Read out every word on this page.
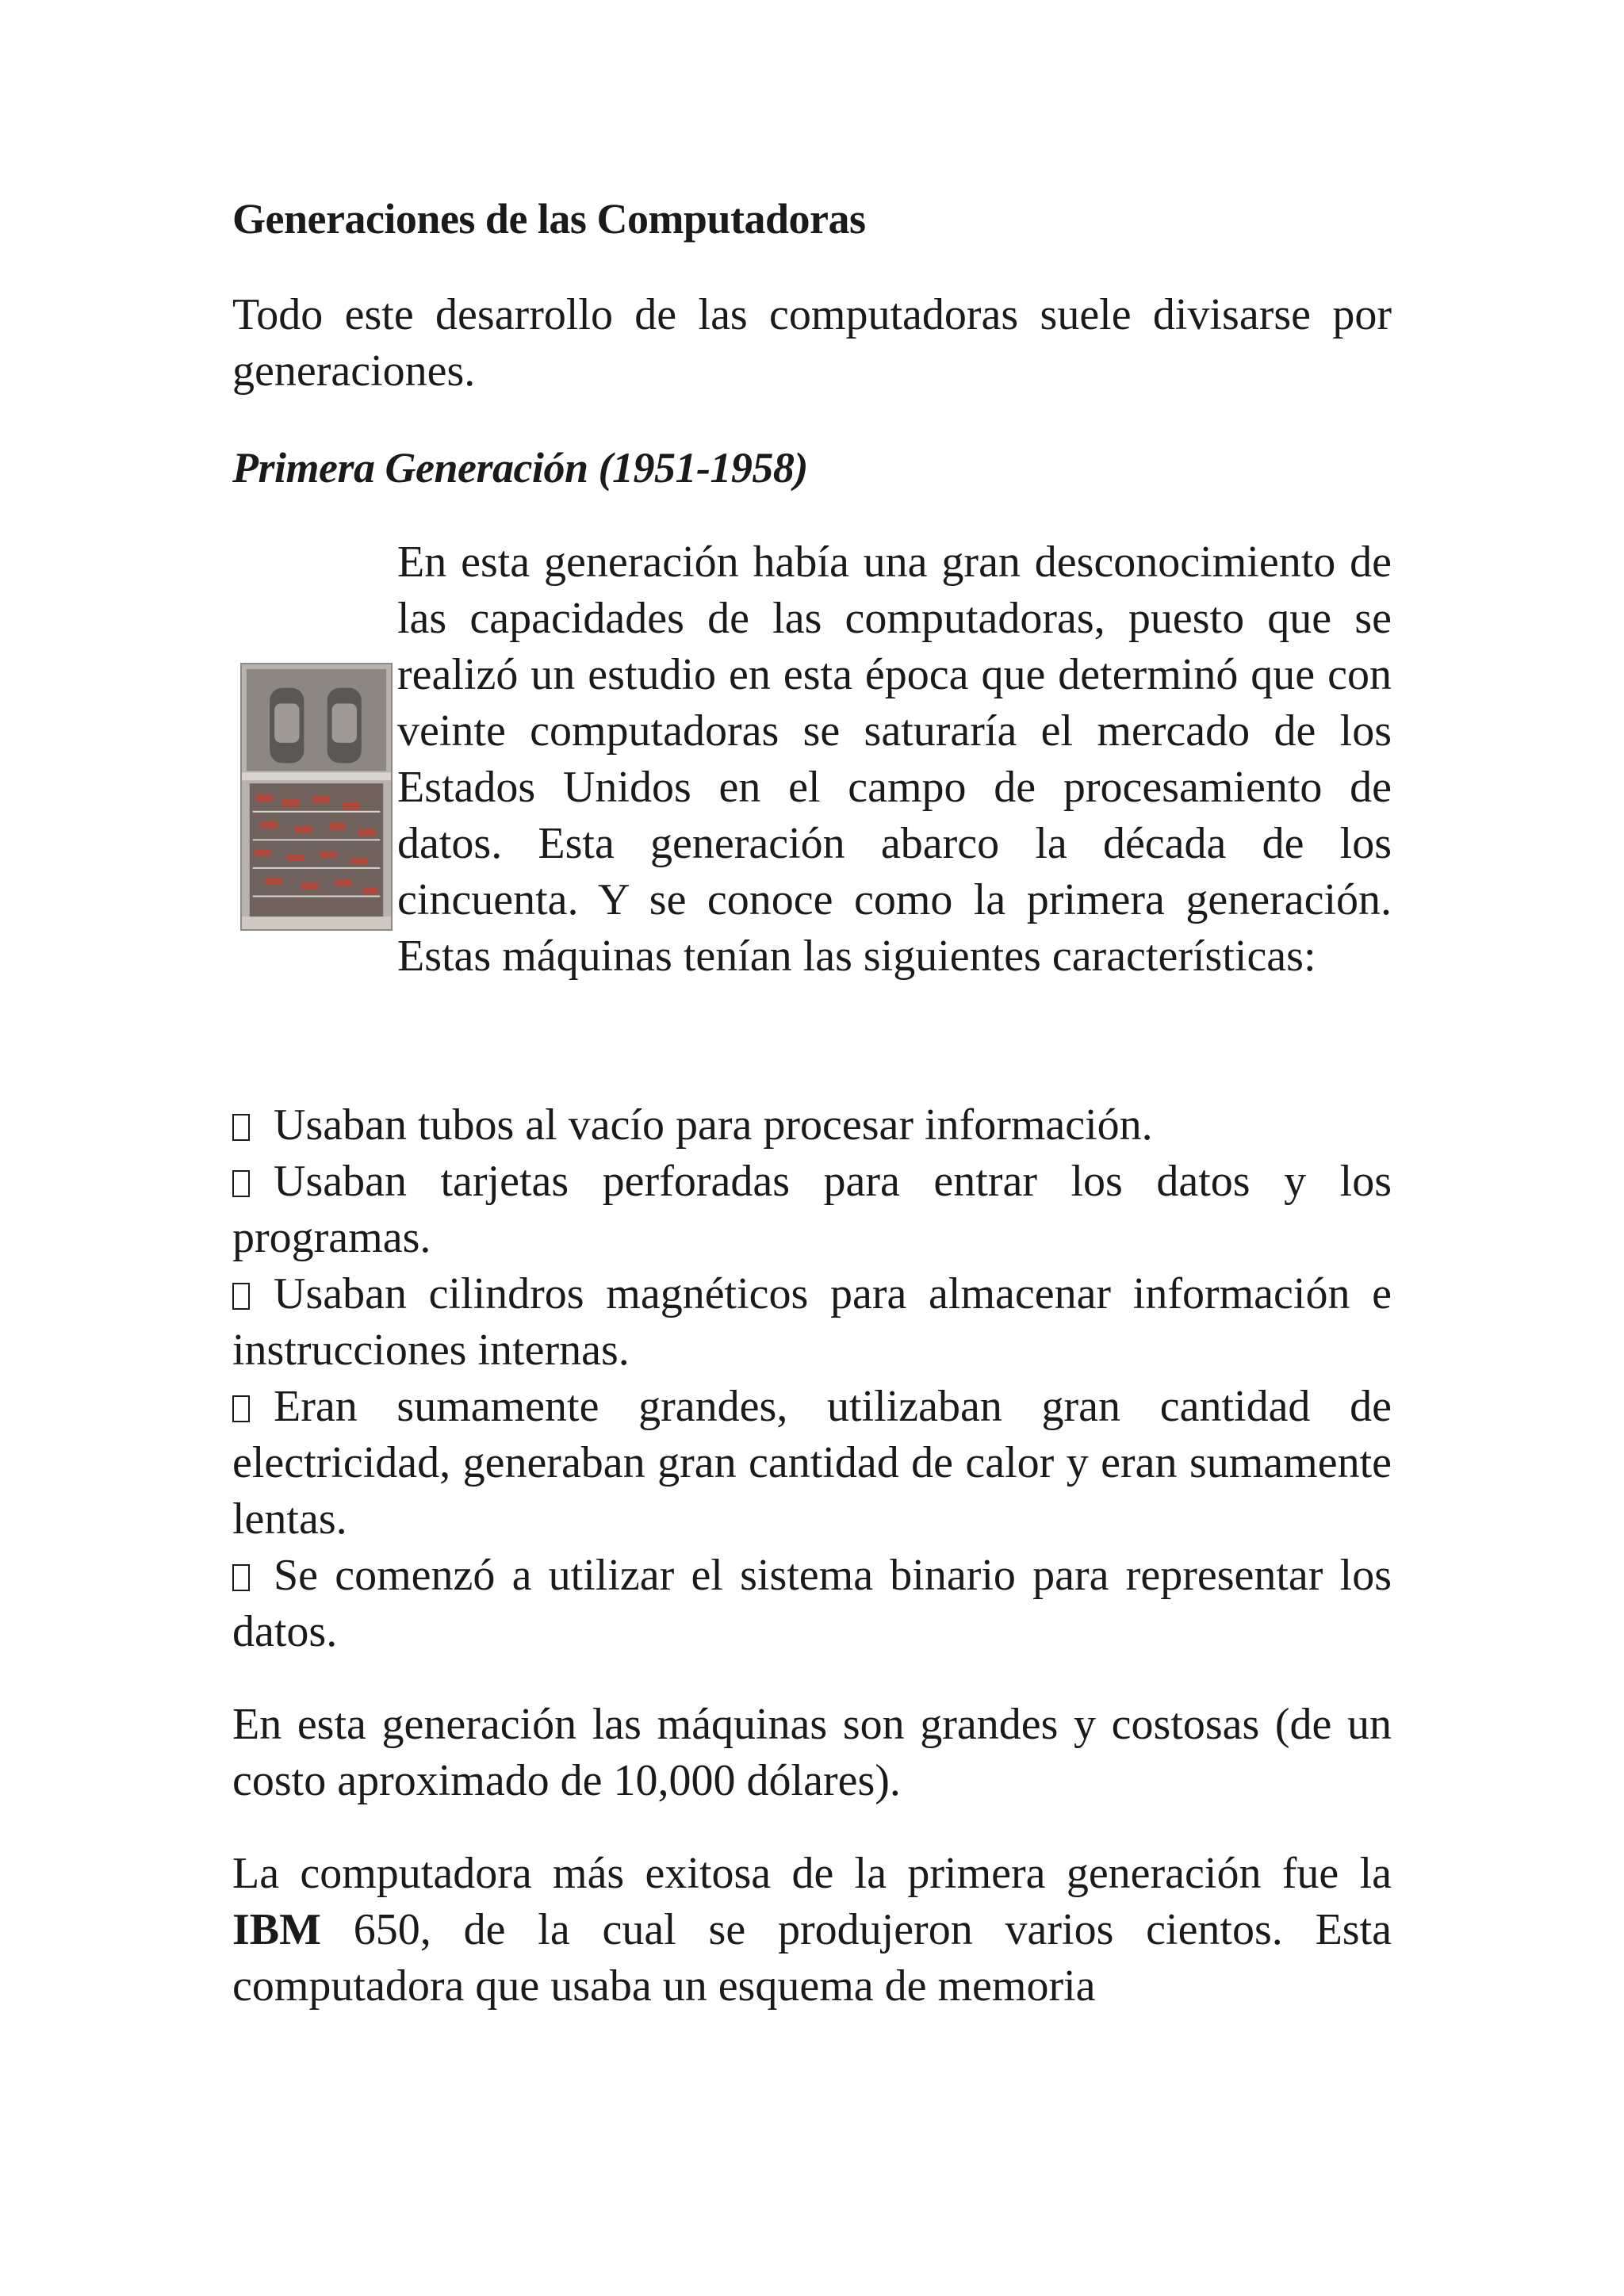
Generaciones de las Computadoras

Todo este desarrollo de las computadoras suele divisarse por generaciones.

Primera Generación (1951-1958)

En esta generación había una gran desconocimiento de las capacidades de las computadoras, puesto que se realizó un estudio en esta época que determinó que con veinte computadoras se saturaría el mercado de los Estados Unidos en el campo de procesamiento de datos. Esta generación abarco la década de los cincuenta. Y se conoce como la primera generación. Estas máquinas tenían las siguientes características:

Usaban tubos al vacío para procesar información.

Usaban tarjetas perforadas para entrar los datos y los programas.

Usaban cilindros magnéticos para almacenar información e instrucciones internas.

Eran sumamente grandes, utilizaban gran cantidad de electricidad, generaban gran cantidad de calor y eran sumamente lentas.

Se comenzó a utilizar el sistema binario para representar los datos.

En esta generación las máquinas son grandes y costosas (de un costo aproximado de 10,000 dólares).

La computadora más exitosa de la primera generación fue la IBM 650, de la cual se produjeron varios cientos. Esta computadora que usaba un esquema de memoria
